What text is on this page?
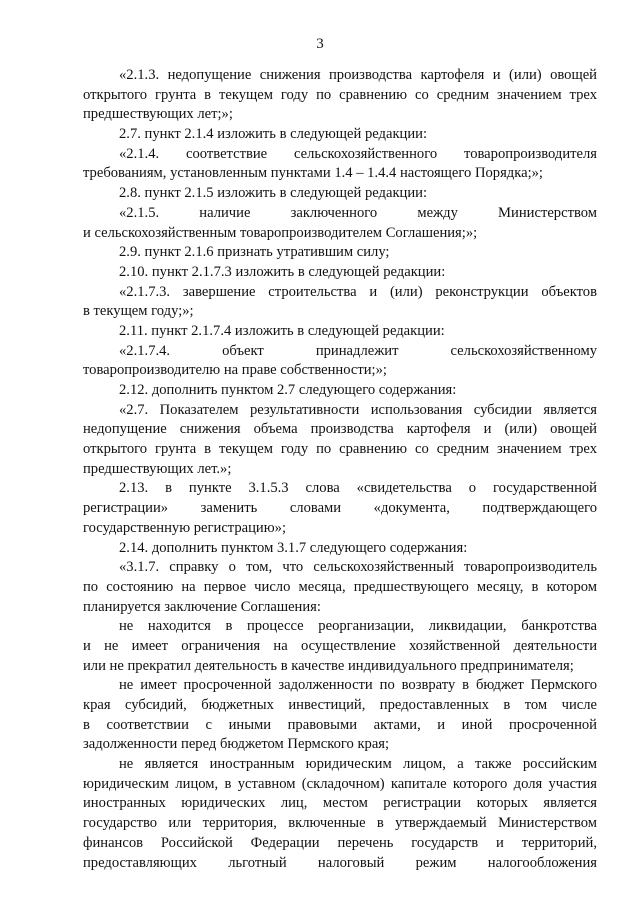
3
«2.1.3. недопущение снижения производства картофеля и (или) овощей
открытого грунта в текущем году по сравнению со средним значением трех
предшествующих лет;»;
2.7. пункт 2.1.4 изложить в следующей редакции:
«2.1.4. соответствие сельскохозяйственного товаропроизводителя
требованиям, установленным пунктами 1.4 – 1.4.4 настоящего Порядка;»;
2.8. пункт 2.1.5 изложить в следующей редакции:
«2.1.5. наличие заключенного между Министерством
и сельскохозяйственным товаропроизводителем Соглашения;»;
2.9. пункт 2.1.6 признать утратившим силу;
2.10. пункт 2.1.7.3 изложить в следующей редакции:
«2.1.7.3. завершение строительства и (или) реконструкции объектов
в текущем году;»;
2.11. пункт 2.1.7.4 изложить в следующей редакции:
«2.1.7.4. объект принадлежит сельскохозяйственному
товаропроизводителю на праве собственности;»;
2.12. дополнить пунктом 2.7 следующего содержания:
«2.7. Показателем результативности использования субсидии является
недопущение снижения объема производства картофеля и (или) овощей
открытого грунта в текущем году по сравнению со средним значением трех
предшествующих лет.»;
2.13. в пункте 3.1.5.3 слова «свидетельства о государственной
регистрации» заменить словами «документа, подтверждающего
государственную регистрацию»;
2.14. дополнить пунктом 3.1.7 следующего содержания:
«3.1.7. справку о том, что сельскохозяйственный товаропроизводитель
по состоянию на первое число месяца, предшествующего месяцу, в котором
планируется заключение Соглашения:
не находится в процессе реорганизации, ликвидации, банкротства
и не имеет ограничения на осуществление хозяйственной деятельности
или не прекратил деятельность в качестве индивидуального предпринимателя;
не имеет просроченной задолженности по возврату в бюджет Пермского
края субсидий, бюджетных инвестиций, предоставленных в том числе
в соответствии с иными правовыми актами, и иной просроченной
задолженности перед бюджетом Пермского края;
не является иностранным юридическим лицом, а также российским
юридическим лицом, в уставном (складочном) капитале которого доля участия
иностранных юридических лиц, местом регистрации которых является
государство или территория, включенные в утверждаемый Министерством
финансов Российской Федерации перечень государств и территорий,
предоставляющих льготный налоговый режим налогообложения
